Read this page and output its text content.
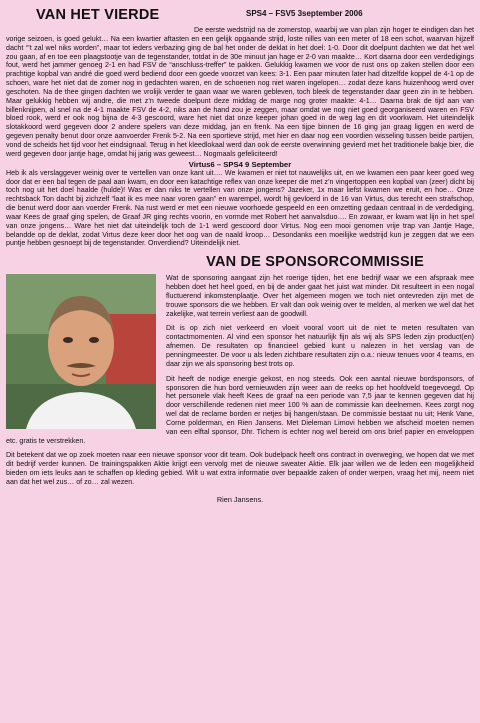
VAN HET VIERDE	SPS4 – FSV5 3september 2006

De eerste wedstrijd na de zomerstop, waarbij we van plan zijn hoger te eindigen dan het vorige seizoen, is goed gelukt… Na een kwartier aftasten en een gelijk opgaande strijd, loste nilles van een meter of 18 een schot, waarvan hijzelf dacht “’t zal wel niks worden”, maar tot ieders verbazing ging de bal het onder de deklat in het doel: 1-0. Door dit doelpunt dachten we dat het wel zou gaan, af en toe een plaagstootje van de tegenstander, totdat in de 30e minuut jan hage er 2-0 van maakte… Kort daarna door een verdedigings fout, werd het jammer genoeg 2-1 en had FSV de “anschluss-treffer” te pakken. Gelukkig kwamen we voor de rust ons op zaken stellen door een prachtige kopbal van andré die goed werd bediend door een goede voorzet van kees: 3-1. Een paar minuten later had ditzelfde koppel de 4-1 op de schoen, ware het niet dat de zomer nog in gedachten waren, en de schoenen nog niet waren ingelopen… zodat deze kans huizenhoog werd over geschoten. Na de thee gingen dachten we vrolijk verder te gaan waar we waren gebleven, toch bleek de tegenstander daar geen zin in te hebben. Maar gelukkig hebben wij andre, die met z’n tweede doelpunt deze middag de marge nog groter maakte: 4-1… Daarna brak de tijd aan van billenknijpen, al snel na de 4-1 maakte FSV de 4-2, niks aan de hand zou je zeggen, maar omdat we nog niet goed georganiseerd waren en FSV bloed rook, werd er ook nog bijna de 4-3 gescoord, ware het niet dat onze keeper johan goed in de weg lag en dit voorkwam. Het uiteindelijk slotakkoord werd gegeven door 2 andere spelers van deze middag, jan en frenk. Na een tijpe binnen de 16 ging jan graag liggen en werd de gegeven penalty benut door onze aanvoerder Frenk 5-2. Na een sportieve strijd, met hier en daar nog een voordien wisseling tussen beide partijen, vond de scheids het tijd voor het eindsignaal. Terug in het kleedlokaal werd dan ook de eerste overwinning gevierd met het traditionele bakje bier, die werd gegeven door jantje hage, omdat hij jarig was geweest… Nogmaals gefeliciteerd!

Virtus6 – SPS4 9 September

Heb ik als verslaggever weinig over te vertellen van onze kant uit…. We kwamen er niet tot nauwelijks uit, en we kwamen een paar keer goed weg door dat er een bal tegen de paal aan kwam, en door een katachtige reflex van onze keeper die met z’n vingertoppen een kopbal van (zeer) dicht bij toch nog uit het doel haalde (hulde)! Was er dan niks te vertellen van onze jongens? Jazeker, 1x maar liefst kwamen we eruit, en hoe… Onze rechtsback Ton dacht bij zichzelf “laat ik es mee naar voren gaan” en warempel, wordt hij gevloerd in de 16 van Virtus, dus terecht een strafschop, die benut werd door aan voerder Frenk. Na rust werd er met een nieuwe voorhoede gespeeld en een omzetting gedaan centraal in de verdediging, waar Kees de graaf ging spelen, de Graaf JR ging rechts voorin, en vormde met Robert het aanvalsduo…. En zowaar, er kwam wat lijn in het spel van onze jongens… Ware het niet dat uiteindelijk toch de 1-1 werd gescoord door Virtus. Nog een mooi genomen vrije trap van Jantje Hage, belandde op de deklat, zodat Virtus deze keer door het oog van de naald kroop… Desondanks een moeilijke wedstrijd kun je zeggen dat we een puntje hebben gesnoept bij de tegenstander. Onverdiend? Uiteindelijk niet.

VAN DE SPONSORCOMMISSIE

Wat de sponsoring aangaat zijn het roerige tijden, het ene bedrijf waar we een afspraak mee hebben doet het heel goed, en bij de ander gaat het juist wat minder. Dit resulteert in een nogal fluctuerend inkomstenplaatje. Over het algemeen mogen we toch niet ontevreden zijn met de trouwe sponsors die we hebben. Er valt dan ook weinig over te melden, al merken we wel dat het zakelijke, wat terrein verliest aan de goodwill.

Dit is op zich niet verkeerd en vloeit vooral voort uit de niet te meten resultaten van contactmomenten. Al vind een sponsor het natuurlijk fijn als wij als SPS leden zijn product(en) afnemen. De resultaten op financieel gebied kunt u nalezen in het verslag van de penningmeester. De voor u als leden zichtbare resultaten zijn o.a.: nieuw tenues voor 4 teams, en daar zijn we als sponsoring best trots op.

Dit heeft de nodige energie gekost, en nog steeds. Ook een aantal nieuwe bordsponsors, of sponsoren die hun bord vernieuwden zijn weer aan de reeks op het hoofdveld toegevoegd. Op het personele vlak heeft Kees de graaf na een periode van 7,5 jaar te kennen gegeven dat hij door verschillende redenen niet meer 100 % aan de commissie kan deelnemen. Kees zorgt nog wel dat de reclame borden er netjes bij hangen/staan. De commissie bestaat nu uit; Henk Vane, Corne polderman, en Rien Jansens. Met Dieleman Limovi hebben we afscheid moeten nemen van een elftal sponsor, Dhr. Tichem is echter nog wel bereid om ons brief papier en enveloppen etc. gratis te verstrekken.

Dit betekent dat we op zoek moeten naar een nieuwe sponsor voor dit team. Ook budelpack heeft ons contract in overweging, we hopen dat we met dit bedrijf verder kunnen. De trainingspakken Aktie krijgt een vervolg met de nieuwe sweater Aktie. Elk jaar willen we de leden een mogelijkheid bieden om iets leuks aan te schaffen op kleding gebied. Wilt u wat extra informatie over bepaalde zaken of onder werpen, vraag het mij, neem niet aan dat het wel zus… of zo… zal wezen.

Rien Jansens.
